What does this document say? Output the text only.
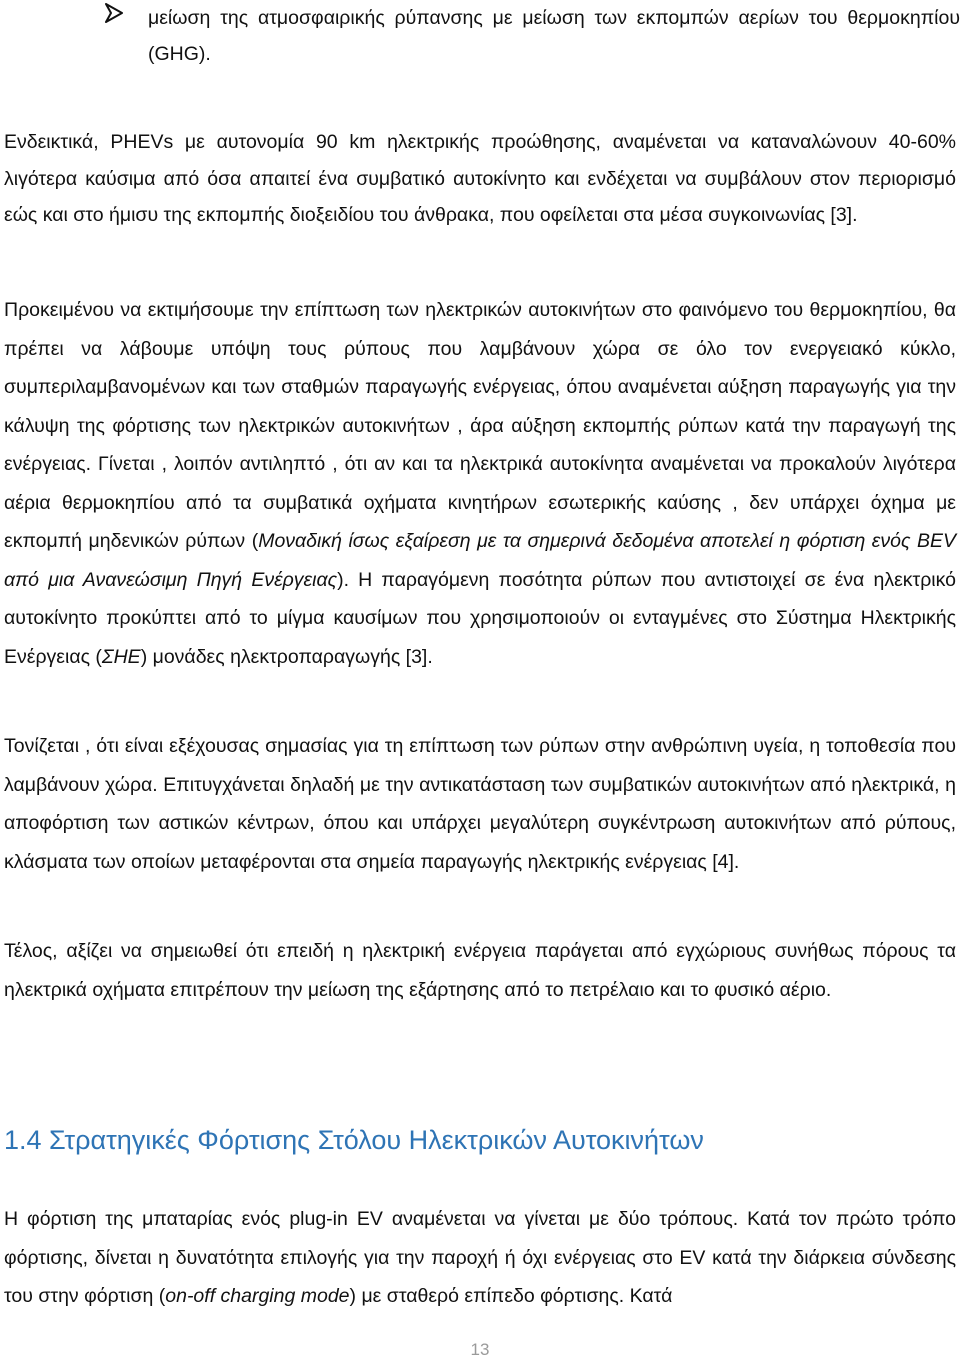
μείωση της ατμοσφαιρικής ρύπανσης με μείωση των εκπομπών αερίων του θερμοκηπίου (GHG).

Ενδεικτικά, PHEVs με αυτονομία 90 km ηλεκτρικής προώθησης, αναμένεται να καταναλώνουν 40-60% λιγότερα καύσιμα από όσα απαιτεί ένα συμβατικό αυτοκίνητο και ενδέχεται να συμβάλουν στον περιορισμό εώς και στο ήμισυ της εκπομπής διοξειδίου του άνθρακα, που οφείλεται στα μέσα συγκοινωνίας [3].

Προκειμένου να εκτιμήσουμε την επίπτωση των ηλεκτρικών αυτοκινήτων στο φαινόμενο του θερμοκηπίου, θα πρέπει να λάβουμε υπόψη τους ρύπους που λαμβάνουν χώρα σε όλο τον ενεργειακό κύκλο, συμπεριλαμβανομένων και των σταθμών παραγωγής ενέργειας, όπου αναμένεται αύξηση παραγωγής για την κάλυψη της φόρτισης των ηλεκτρικών αυτοκινήτων , άρα αύξηση εκπομπής ρύπων κατά την παραγωγή της ενέργειας. Γίνεται , λοιπόν αντιληπτό , ότι αν και τα ηλεκτρικά αυτοκίνητα αναμένεται να προκαλούν λιγότερα αέρια θερμοκηπίου από τα συμβατικά οχήματα κινητήρων εσωτερικής καύσης , δεν υπάρχει όχημα με εκπομπή μηδενικών ρύπων (Μοναδική ίσως εξαίρεση με τα σημερινά δεδομένα αποτελεί η φόρτιση ενός BEV από μια Ανανεώσιμη Πηγή Ενέργειας). Η παραγόμενη ποσότητα ρύπων που αντιστοιχεί σε ένα ηλεκτρικό αυτοκίνητο προκύπτει από το μίγμα καυσίμων που χρησιμοποιούν οι ενταγμένες στο Σύστημα Ηλεκτρικής Ενέργειας (ΣΗΕ) μονάδες ηλεκτροπαραγωγής [3].

Τονίζεται , ότι είναι εξέχουσας σημασίας για τη επίπτωση των ρύπων στην ανθρώπινη υγεία, η τοποθεσία που λαμβάνουν χώρα. Επιτυγχάνεται δηλαδή με την αντικατάσταση των συμβατικών αυτοκινήτων από ηλεκτρικά, η αποφόρτιση των αστικών κέντρων, όπου και υπάρχει μεγαλύτερη συγκέντρωση αυτοκινήτων από ρύπους, κλάσματα των οποίων μεταφέρονται στα σημεία παραγωγής ηλεκτρικής ενέργειας [4].

Τέλος, αξίζει να σημειωθεί ότι επειδή η ηλεκτρική ενέργεια παράγεται από εγχώριους συνήθως πόρους τα ηλεκτρικά οχήματα επιτρέπουν την μείωση της εξάρτησης από το πετρέλαιο και το φυσικό αέριο.

1.4 Στρατηγικές Φόρτισης Στόλου Ηλεκτρικών Αυτοκινήτων

Η φόρτιση της μπαταρίας ενός plug-in EV αναμένεται να γίνεται με δύο τρόπους. Κατά τον πρώτο τρόπο φόρτισης, δίνεται η δυνατότητα επιλογής για την παροχή ή όχι ενέργειας στο EV κατά την διάρκεια σύνδεσης του στην φόρτιση (on-off charging mode) με σταθερό επίπεδο φόρτισης. Κατά

13
